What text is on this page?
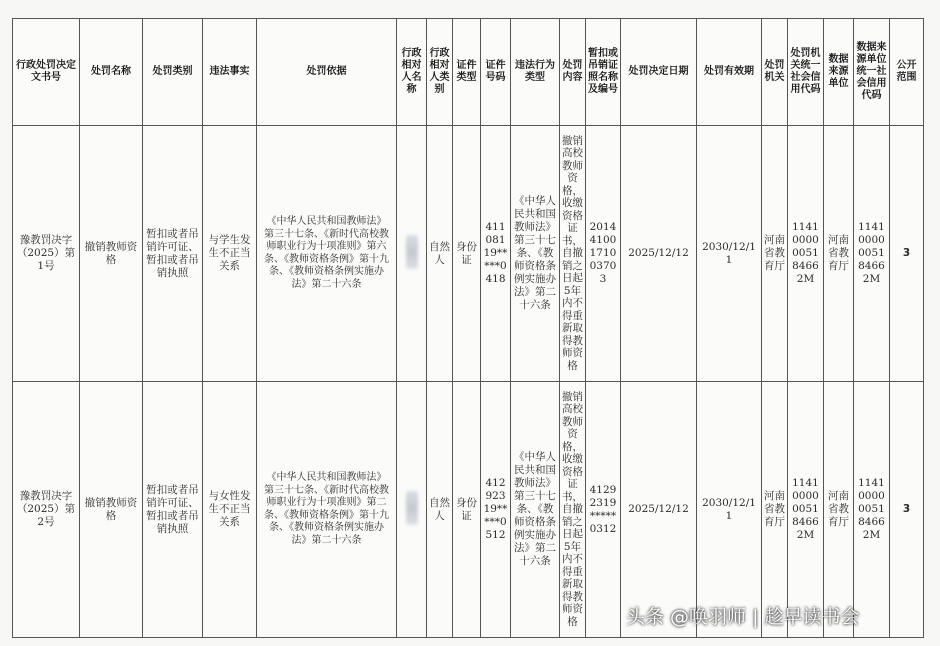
行政处罚决定文书号	处罚名称	处罚类别	违法事实	处罚依据	行政相对人名称	行政相对人类别	证件类型	证件号码	违法行为类型	处罚内容	暂扣或吊销证照名称及编号	处罚决定日期	处罚有效期	处罚机关	处罚机关统一社会信用代码	数据来源单位	数据来源单位统一社会信用代码	公开范围
豫教罚决字（2025）第1号	撤销教师资格	暂扣或者吊销许可证、暂扣或者吊销执照	与学生发生不正当关系	《中华人民共和国教师法》第三十七条、《新时代高校教师职业行为十项准则》第六条、《教师资格条例》第十九条、《教师资格条例实施办法》第二十六条		自然人	身份证	41108119*****0418	《中华人民共和国教师法》第三十七条、《教师资格条例实施办法》第二十六条	撤销高校教师资格，收缴资格证书，自撤销之日起5年内不得重新取得教师资格	20144100171003703	2025/12/12	2030/12/11	河南省教育厅	11410000005184662M	河南省教育厅	11410000005184662M	3
豫教罚决字（2025）第2号	撤销教师资格	暂扣或者吊销许可证、暂扣或者吊销执照	与女性发生不正当关系	《中华人民共和国教师法》第三十七条、《新时代高校教师职业行为十项准则》第二条、《教师资格条例》第十九条、《教师资格条例实施办法》第二十六条		自然人	身份证	41292319*****0512	《中华人民共和国教师法》第三十七条、《教师资格条例实施办法》第二十六条	撤销高校教师资格，收缴资格证书，自撤销之日起5年内不得重新取得教师资格	41292319*****0312	2025/12/12	2030/12/11	河南省教育厅	11410000005184662M	河南省教育厅	11410000005184662M	3
头条 @唤羽师 | 趁早读书会
